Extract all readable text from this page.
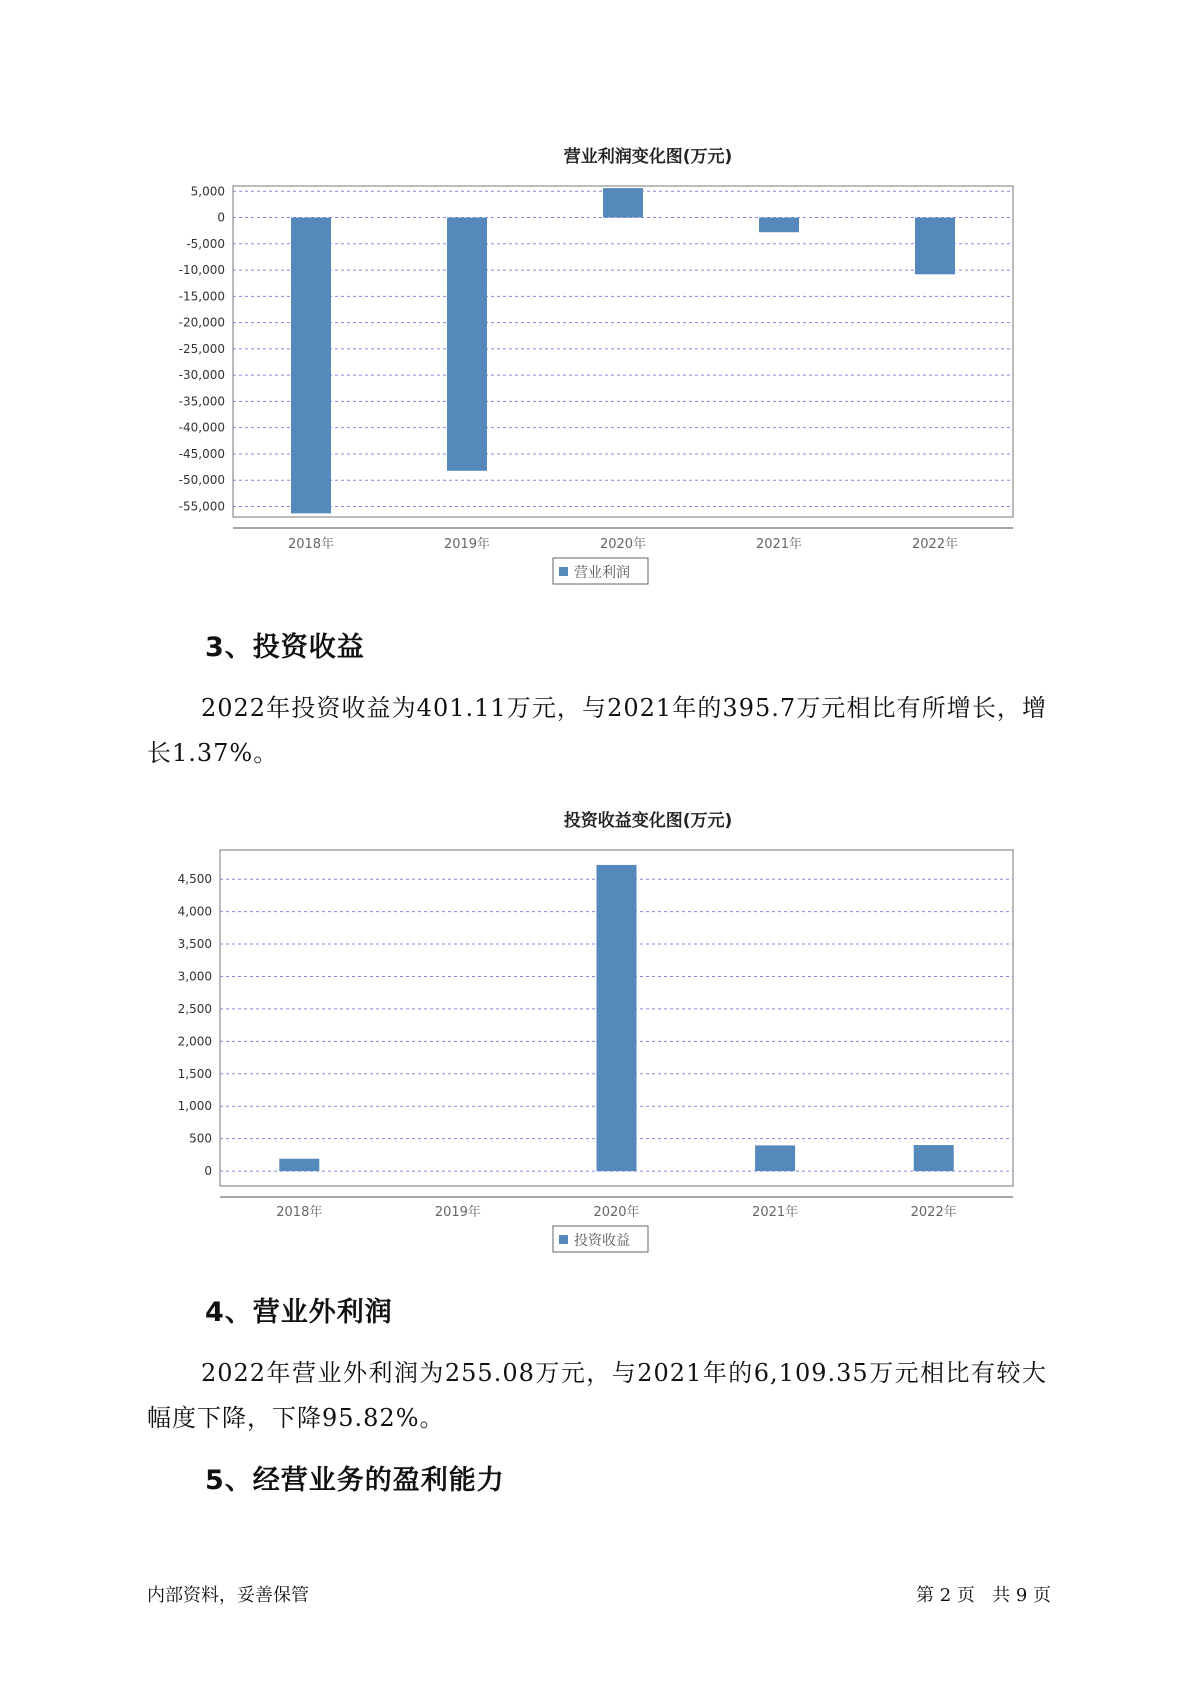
营业利润变化图(万元)
5,000
0
-5,000
-10,000
-15,000
-20,000
-25,000
-30,000
-35,000
-40,000
-45,000
-50,000
-55,000
2018年	2019年	2020年	2021年	2022年
营业利润
3、投资收益

2022年投资收益为401.11万元，与2021年的395.7万元相比有所增长，增长1.37%。

投资收益变化图(万元)
0
500
1,000
1,500
2,000
2,500
3,000
3,500
4,000
4,500
2018年	2019年	2020年	2021年	2022年
投资收益
4、营业外利润

2022年营业外利润为255.08万元，与2021年的6,109.35万元相比有较大幅度下降，下降95.82%。

5、经营业务的盈利能力
内部资料，妥善保管	第 2 页   共 9 页
